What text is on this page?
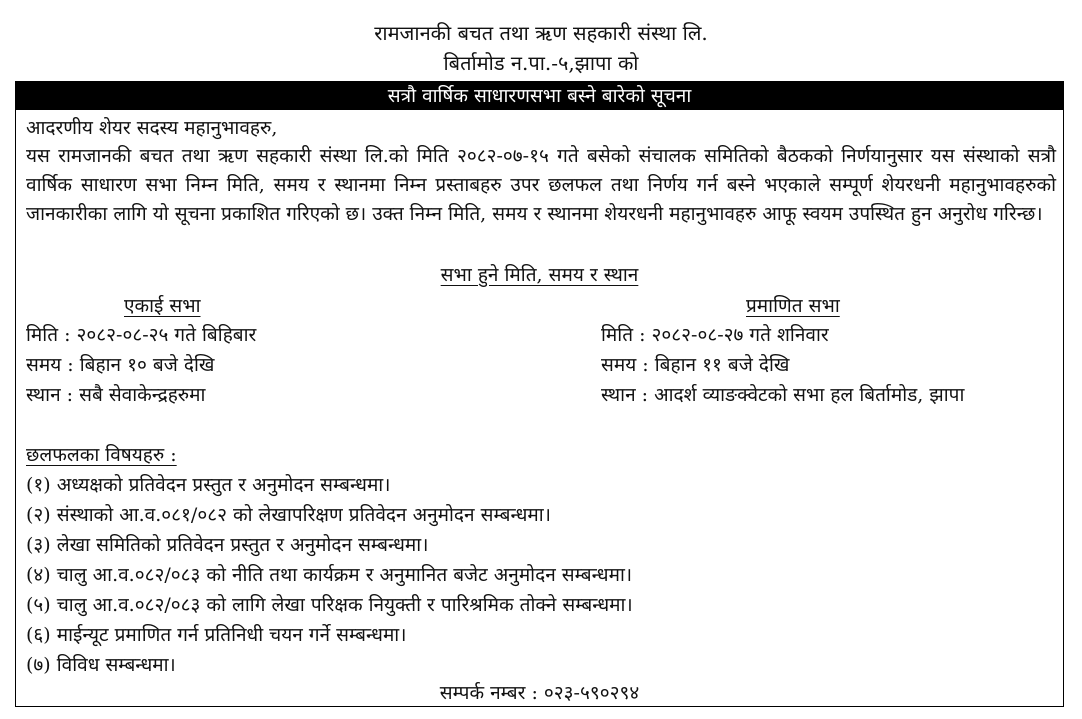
रामजानकी बचत तथा ऋण सहकारी संस्था लि.
बिर्तामोड न.पा.-५,झापा को
सत्रौ वार्षिक साधारणसभा बस्ने बारेको सूचना
आदरणीय शेयर सदस्य महानुभावहरु,
यस रामजानकी बचत तथा ऋण सहकारी संस्था लि.को मिति २०८२-०७-१५ गते बसेको संचालक समितिको बैठकको निर्णयानुसार यस संस्थाको सत्रौ वार्षिक साधारण सभा निम्न मिति, समय र स्थानमा निम्न प्रस्ताबहरु उपर छलफल तथा निर्णय गर्न बस्ने भएकाले सम्पूर्ण शेयरधनी महानुभावहरुको जानकारीका लागि यो सूचना प्रकाशित गरिएको छ। उक्त निम्न मिति, समय र स्थानमा शेयरधनी महानुभावहरु आफू स्वयम उपस्थित हुन अनुरोध गरिन्छ।
सभा हुने मिति, समय र स्थान
एकाई सभा
मिति : २०८२-०८-२५ गते बिहिबार
समय : बिहान १० बजे देखि
स्थान : सबै सेवाकेन्द्रहरुमा
प्रमाणित सभा
मिति : २०८२-०८-२७ गते शनिवार
समय : बिहान ११ बजे देखि
स्थान : आदर्श व्याङक्वेटको सभा हल बिर्तामोड, झापा
छलफलका विषयहरु :
(१) अध्यक्षको प्रतिवेदन प्रस्तुत र अनुमोदन सम्बन्धमा।
(२) संस्थाको आ.व.०८१/०८२ को लेखापरिक्षण प्रतिवेदन अनुमोदन सम्बन्धमा।
(३) लेखा समितिको प्रतिवेदन प्रस्तुत र अनुमोदन सम्बन्धमा।
(४) चालु आ.व.०८२/०८३ को नीति तथा कार्यक्रम र अनुमानित बजेट अनुमोदन सम्बन्धमा।
(५) चालु आ.व.०८२/०८३ को लागि लेखा परिक्षक नियुक्ती र पारिश्रमिक तोक्ने सम्बन्धमा।
(६) माईन्यूट प्रमाणित गर्न प्रतिनिधी चयन गर्ने सम्बन्धमा।
(७) विविध सम्बन्धमा।
सम्पर्क नम्बर : ०२३-५९०२९४
